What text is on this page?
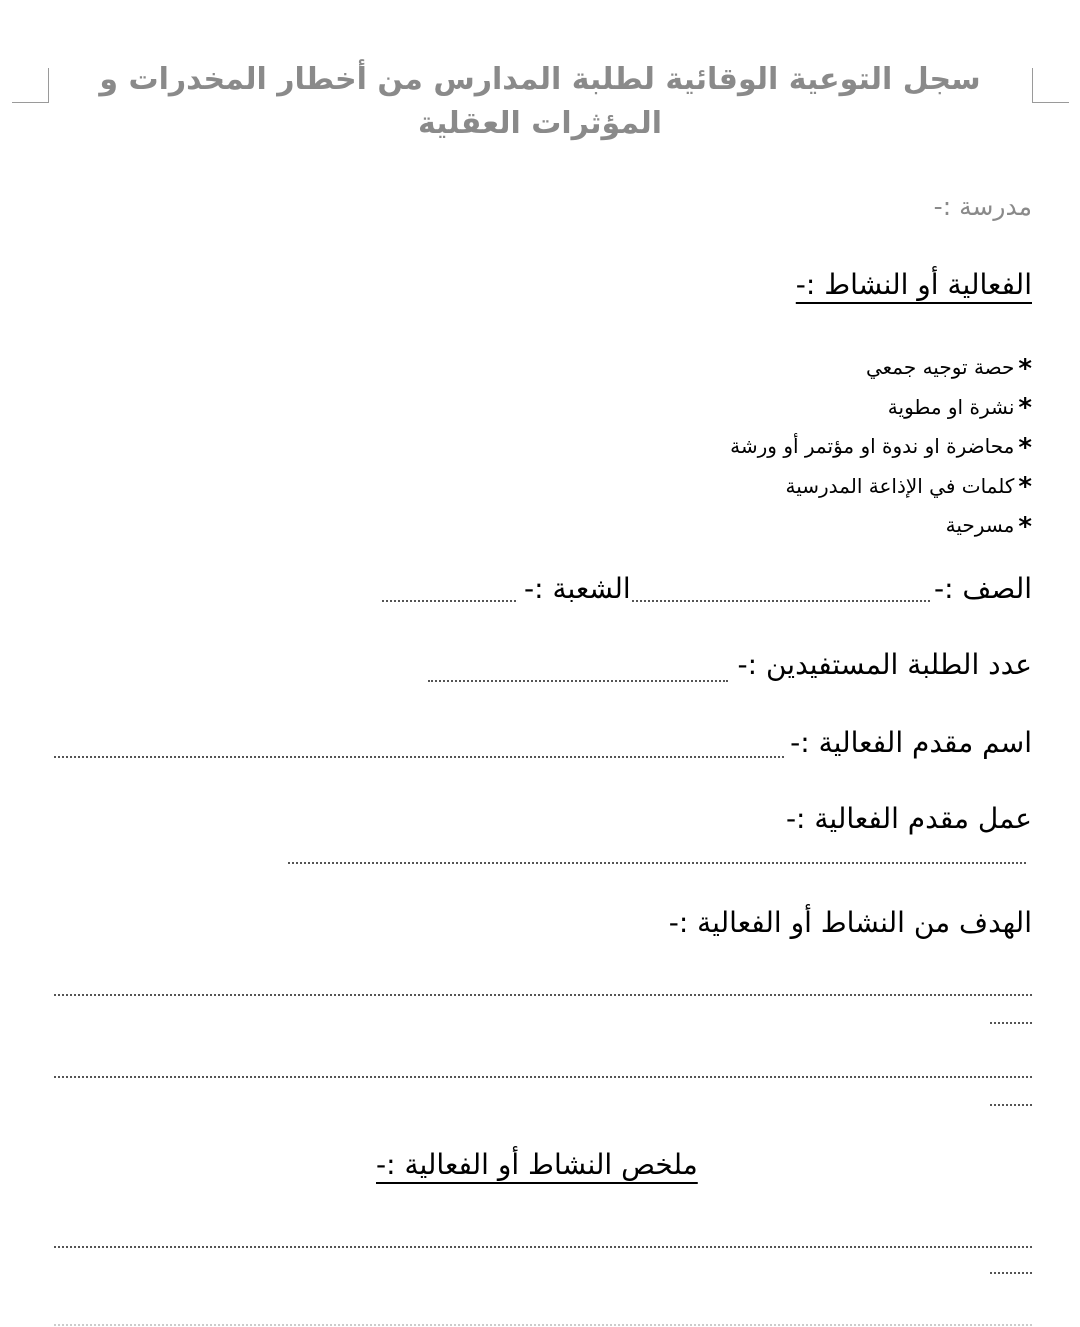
سجل التوعية الوقائية لطلبة المدارس من أخطار المخدرات و المؤثرات العقلية
مدرسة :-
الفعالية أو النشاط :-
*حصة توجيه جمعي
*نشرة او مطوية
*محاضرة او ندوة او مؤتمر أو ورشة
*كلمات في الإذاعة المدرسية
*مسرحية
الصف :-
الشعبة :-
عدد الطلبة المستفيدين :-
اسم مقدم الفعالية :-
عمل مقدم الفعالية :-
الهدف من النشاط أو الفعالية :-
ملخص النشاط أو الفعالية :-
